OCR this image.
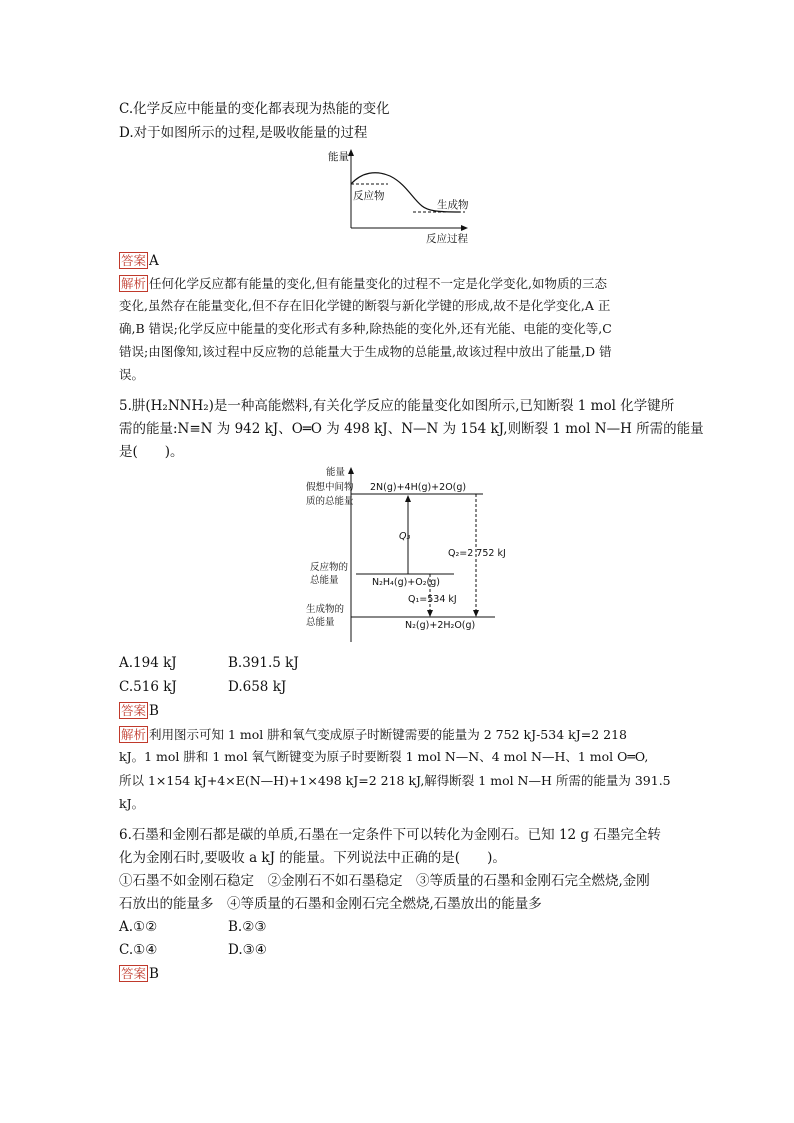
C.化学反应中能量的变化都表现为热能的变化
D.对于如图所示的过程,是吸收能量的过程
能量
反应物
生成物
反应过程
答案 A
解析 任何化学反应都有能量的变化,但有能量变化的过程不一定是化学变化,如物质的三态
变化,虽然存在能量变化,但不存在旧化学键的断裂与新化学键的形成,故不是化学变化,A 正
确,B 错误;化学反应中能量的变化形式有多种,除热能的变化外,还有光能、电能的变化等,C
错误;由图像知,该过程中反应物的总能量大于生成物的总能量,故该过程中放出了能量,D 错
误。
5.肼(H₂NNH₂)是一种高能燃料,有关化学反应的能量变化如图所示,已知断裂 1 mol 化学键所
需的能量:N≡N 为 942 kJ、O═O 为 498 kJ、N—N 为 154 kJ,则断裂 1 mol N—H 所需的能量
是(　　)。
能量
假想中间物
质的总能量
反应物的
总能量
生成物的
总能量
2N(g)+4H(g)+2O(g)
N₂H₄(g)+O₂(g)
N₂(g)+2H₂O(g)
Q₃
Q₂=2 752 kJ
Q₁=534 kJ
A.194 kJ	B.391.5 kJ
C.516 kJ	D.658 kJ
答案 B
解析 利用图示可知 1 mol 肼和氧气变成原子时断键需要的能量为 2 752 kJ-534 kJ=2 218
kJ。1 mol 肼和 1 mol 氧气断键变为原子时要断裂 1 mol N—N、4 mol N—H、1 mol O═O,
所以 1×154 kJ+4×E(N—H)+1×498 kJ=2 218 kJ,解得断裂 1 mol N—H 所需的能量为 391.5
kJ。
6.石墨和金刚石都是碳的单质,石墨在一定条件下可以转化为金刚石。已知 12 g 石墨完全转
化为金刚石时,要吸收 a kJ 的能量。下列说法中正确的是(　　)。
①石墨不如金刚石稳定　②金刚石不如石墨稳定　③等质量的石墨和金刚石完全燃烧,金刚
石放出的能量多　④等质量的石墨和金刚石完全燃烧,石墨放出的能量多
A.①②	B.②③
C.①④	D.③④
答案 B
